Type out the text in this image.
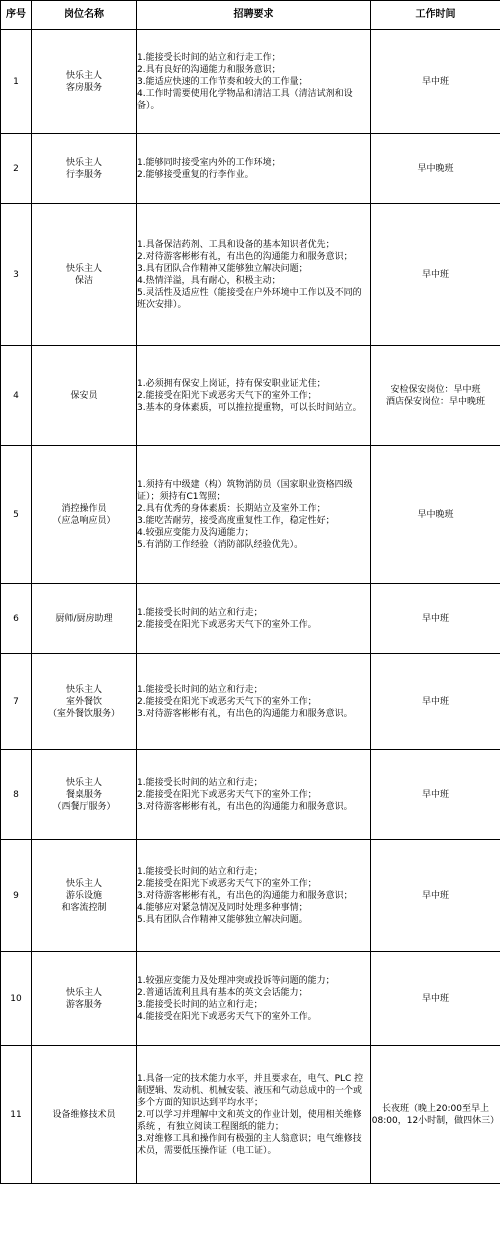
序号	岗位名称	招聘要求	工作时间
1	快乐主人
客房服务	1.能接受长时间的站立和行走工作；
2.具有良好的沟通能力和服务意识；
3.能适应快速的工作节奏和较大的工作量；
4.工作时需要使用化学物品和清洁工具（清洁试剂和设备）。	早中班

2	快乐主人
行李服务	1.能够同时接受室内外的工作环境；
2.能够接受重复的行李作业。	早中晚班

3	快乐主人
保洁	1.具备保洁药剂、工具和设备的基本知识者优先；
2.对待游客彬彬有礼，有出色的沟通能力和服务意识；
3.具有团队合作精神又能够独立解决问题；
4.热情洋溢，具有耐心，积极主动；
5.灵活性及适应性（能接受在户外环境中工作以及不同的班次安排）。	早中班

4	保安员	1.必须拥有保安上岗证，持有保安职业证尤佳；
2.能接受在阳光下或恶劣天气下的室外工作；
3.基本的身体素质，可以推拉提重物，可以长时间站立。	安检保安岗位：早中班
酒店保安岗位：早中晚班

5	消控操作员
（应急响应员）	1.须持有中级建（构）筑物消防员（国家职业资格四级证）；须持有C1驾照；
2.具有优秀的身体素质：长期站立及室外工作；
3.能吃苦耐劳，接受高度重复性工作，稳定性好；
4.较强应变能力及沟通能力；
5.有消防工作经验（消防部队经验优先）。	早中晚班

6	厨师/厨房助理	1.能接受长时间的站立和行走；
2.能接受在阳光下或恶劣天气下的室外工作。	早中班

7	快乐主人
室外餐饮
（室外餐饮服务）	1.能接受长时间的站立和行走；
2.能接受在阳光下或恶劣天气下的室外工作；
3.对待游客彬彬有礼，有出色的沟通能力和服务意识。	早中班

8	快乐主人
餐桌服务
（西餐厅服务）	1.能接受长时间的站立和行走；
2.能接受在阳光下或恶劣天气下的室外工作；
3.对待游客彬彬有礼，有出色的沟通能力和服务意识。	早中班

9	快乐主人
游乐设施
和客流控制	1.能接受长时间的站立和行走；
2.能接受在阳光下或恶劣天气下的室外工作；
3.对待游客彬彬有礼，有出色的沟通能力和服务意识；
4.能够应对紧急情况及同时处理多种事情；
5.具有团队合作精神又能够独立解决问题。	早中班

10	快乐主人
游客服务	1.较强应变能力及处理冲突或投诉等问题的能力；
2.普通话流利且具有基本的英文会话能力；
3.能接受长时间的站立和行走；
4.能接受在阳光下或恶劣天气下的室外工作。	早中班

11	设备维修技术员	1.具备一定的技术能力水平，并且要求在，电气、PLC 控制逻辑、发动机、机械安装、液压和气动总成中的一个或多个方面的知识达到平均水平；
2.可以学习并理解中文和英文的作业计划，使用相关维修系统 ，有独立阅读工程图纸的能力；
3.对维修工具和操作间有极强的主人翁意识；电气维修技术员，需要低压操作证（电工证）。	长夜班（晚上20:00至早上08:00，12小时制，做四休三）
